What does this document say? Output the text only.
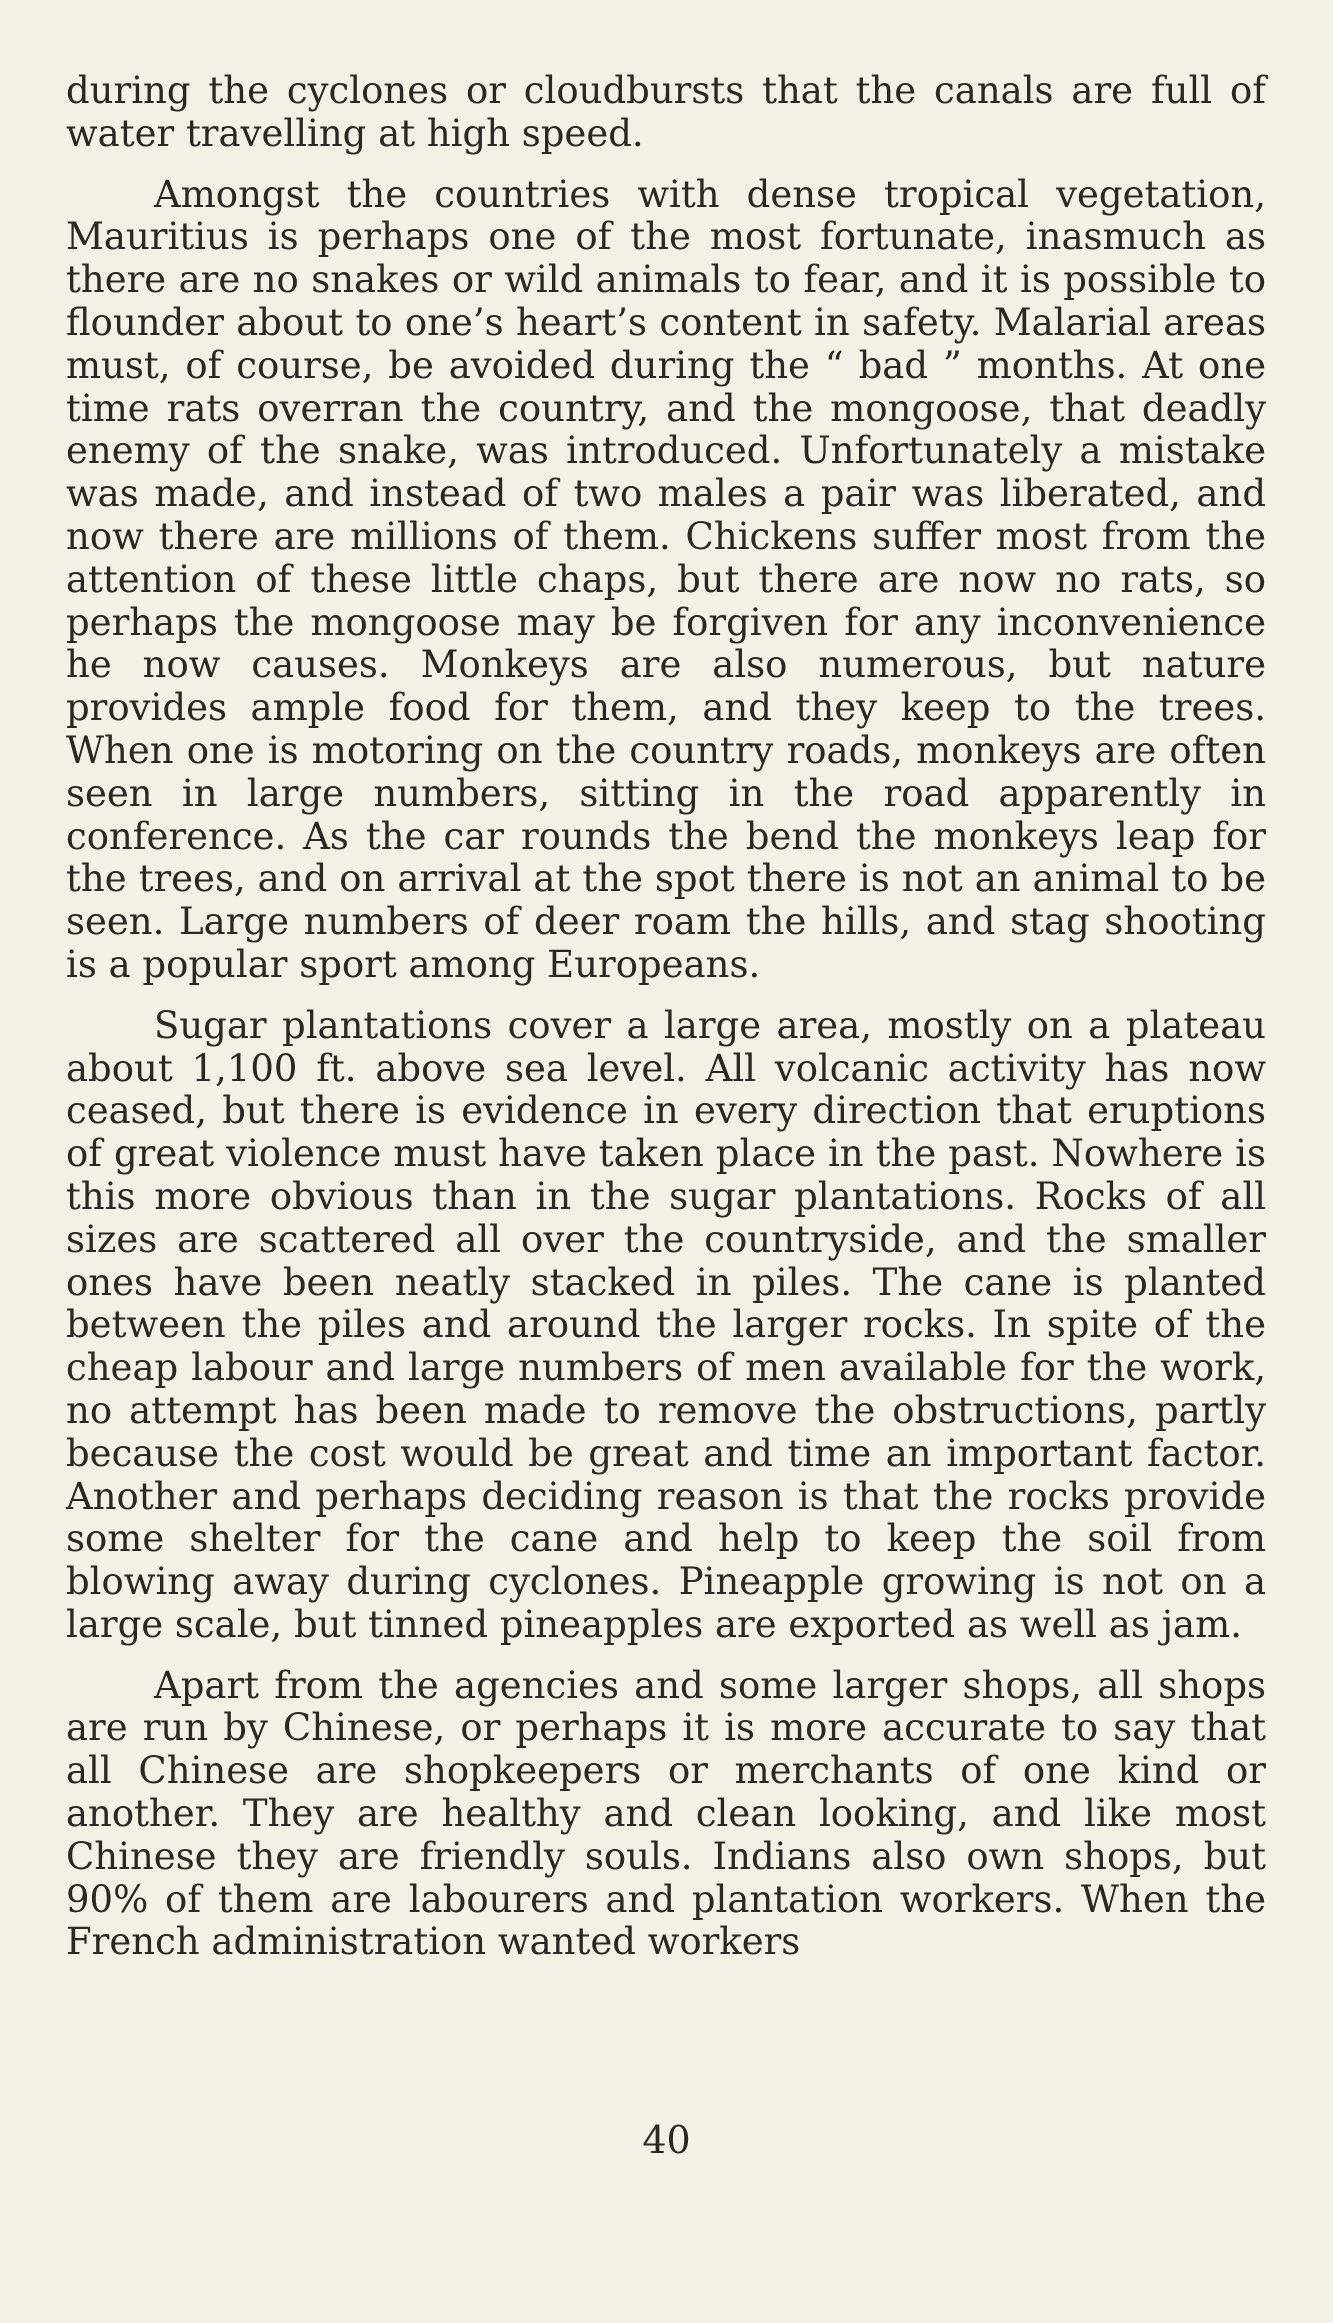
during the cyclones or cloudbursts that the canals are full of water travelling at high speed.

Amongst the countries with dense tropical vegetation, Mauritius is perhaps one of the most fortunate, inasmuch as there are no snakes or wild animals to fear, and it is possible to flounder about to one’s heart’s content in safety. Malarial areas must, of course, be avoided during the “ bad ” months. At one time rats overran the country, and the mongoose, that deadly enemy of the snake, was introduced. Unfortunately a mistake was made, and instead of two males a pair was liberated, and now there are millions of them. Chickens suffer most from the attention of these little chaps, but there are now no rats, so perhaps the mongoose may be forgiven for any inconvenience he now causes. Monkeys are also numerous, but nature provides ample food for them, and they keep to the trees. When one is motoring on the country roads, monkeys are often seen in large numbers, sitting in the road apparently in conference. As the car rounds the bend the monkeys leap for the trees, and on arrival at the spot there is not an animal to be seen. Large numbers of deer roam the hills, and stag shooting is a popular sport among Europeans.

Sugar plantations cover a large area, mostly on a plateau about 1,100 ft. above sea level. All volcanic activity has now ceased, but there is evidence in every direction that eruptions of great violence must have taken place in the past. Nowhere is this more obvious than in the sugar plantations. Rocks of all sizes are scattered all over the countryside, and the smaller ones have been neatly stacked in piles. The cane is planted between the piles and around the larger rocks. In spite of the cheap labour and large numbers of men available for the work, no attempt has been made to remove the obstructions, partly because the cost would be great and time an important factor. Another and perhaps deciding reason is that the rocks provide some shelter for the cane and help to keep the soil from blowing away during cyclones. Pineapple growing is not on a large scale, but tinned pineapples are exported as well as jam.

Apart from the agencies and some larger shops, all shops are run by Chinese, or perhaps it is more accurate to say that all Chinese are shopkeepers or merchants of one kind or another. They are healthy and clean looking, and like most Chinese they are friendly souls. Indians also own shops, but 90% of them are labourers and plantation workers. When the French administration wanted workers

40
